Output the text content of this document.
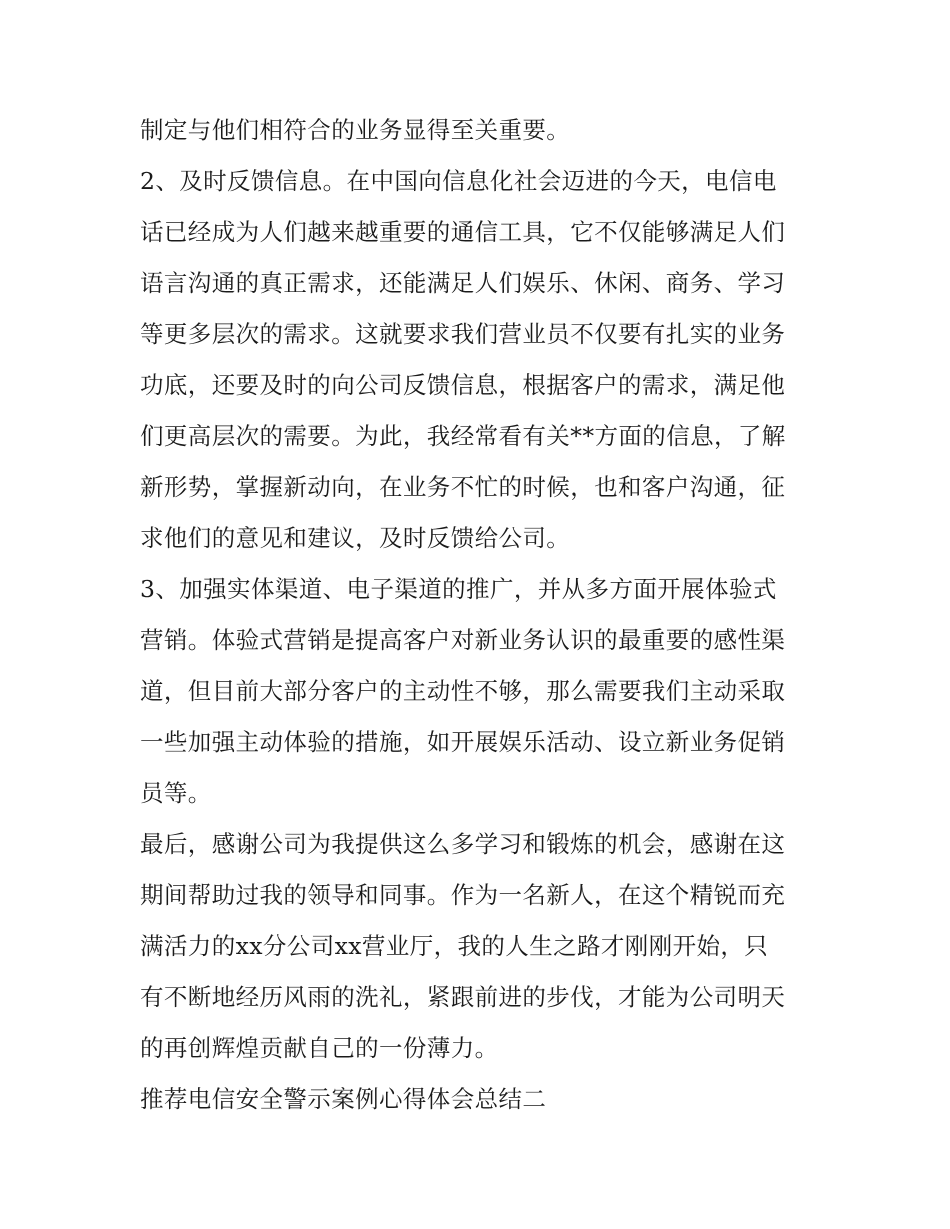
制定与他们相符合的业务显得至关重要。
2、及时反馈信息。在中国向信息化社会迈进的今天，电信电
话已经成为人们越来越重要的通信工具，它不仅能够满足人们
语言沟通的真正需求，还能满足人们娱乐、休闲、商务、学习
等更多层次的需求。这就要求我们营业员不仅要有扎实的业务
功底，还要及时的向公司反馈信息，根据客户的需求，满足他
们更高层次的需要。为此，我经常看有关**方面的信息，了解
新形势，掌握新动向，在业务不忙的时候，也和客户沟通，征
求他们的意见和建议，及时反馈给公司。
3、加强实体渠道、电子渠道的推广，并从多方面开展体验式
营销。体验式营销是提高客户对新业务认识的最重要的感性渠
道，但目前大部分客户的主动性不够，那么需要我们主动采取
一些加强主动体验的措施，如开展娱乐活动、设立新业务促销
员等。
最后，感谢公司为我提供这么多学习和锻炼的机会，感谢在这
期间帮助过我的领导和同事。作为一名新人，在这个精锐而充
满活力的xx分公司xx营业厅，我的人生之路才刚刚开始，只
有不断地经历风雨的洗礼，紧跟前进的步伐，才能为公司明天
的再创辉煌贡献自己的一份薄力。
推荐电信安全警示案例心得体会总结二
